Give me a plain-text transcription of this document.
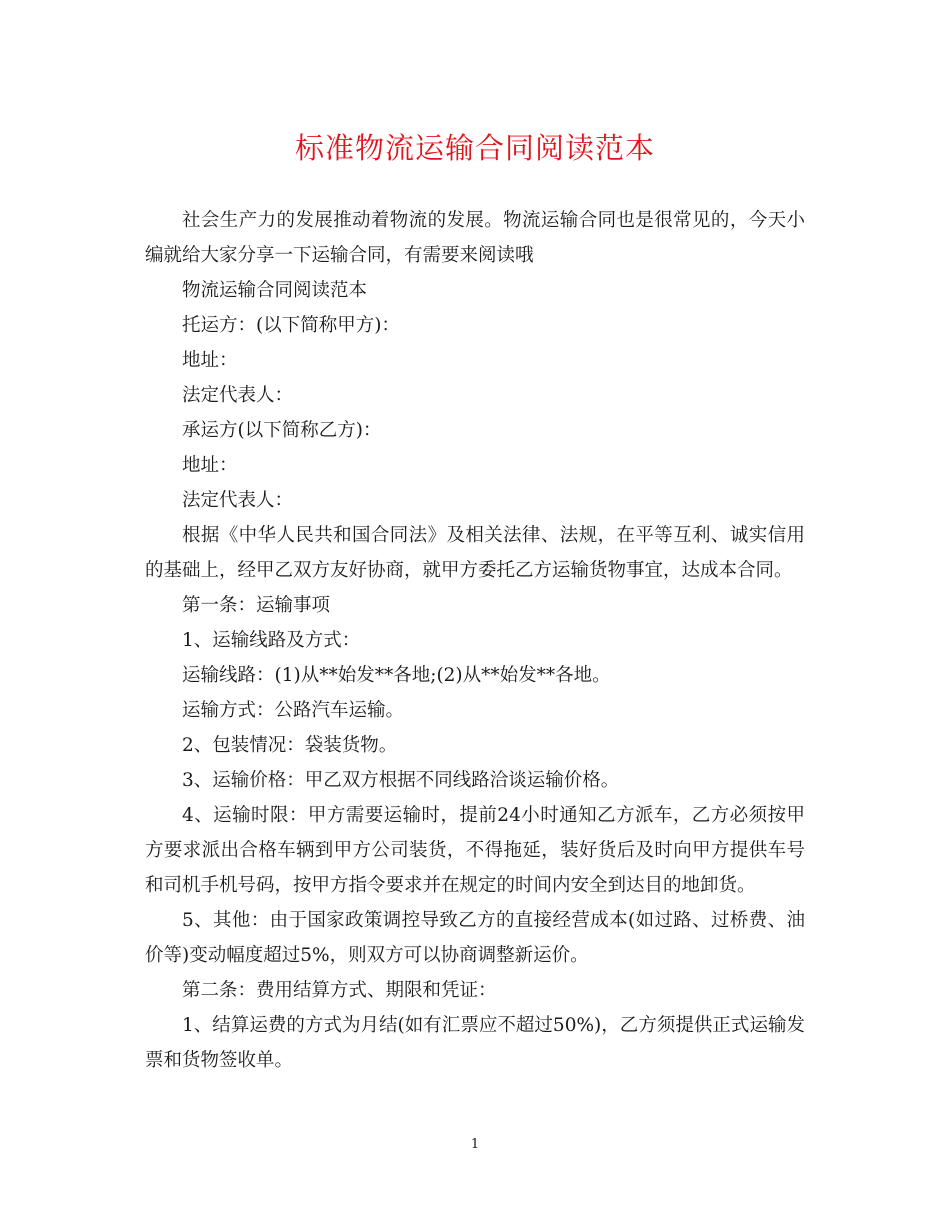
标准物流运输合同阅读范本

社会生产力的发展推动着物流的发展。物流运输合同也是很常见的，今天小编就给大家分享一下运输合同，有需要来阅读哦

物流运输合同阅读范本

托运方：(以下简称甲方)：

地址：

法定代表人：

承运方(以下简称乙方)：

地址：

法定代表人：

根据《中华人民共和国合同法》及相关法律、法规，在平等互利、诚实信用的基础上，经甲乙双方友好协商，就甲方委托乙方运输货物事宜，达成本合同。

第一条：运输事项

1、运输线路及方式：

运输线路：(1)从**始发**各地;(2)从**始发**各地。

运输方式：公路汽车运输。

2、包装情况：袋装货物。

3、运输价格：甲乙双方根据不同线路洽谈运输价格。

4、运输时限：甲方需要运输时，提前24小时通知乙方派车，乙方必须按甲方要求派出合格车辆到甲方公司装货，不得拖延，装好货后及时向甲方提供车号和司机手机号码，按甲方指令要求并在规定的时间内安全到达目的地卸货。

5、其他：由于国家政策调控导致乙方的直接经营成本(如过路、过桥费、油价等)变动幅度超过5%，则双方可以协商调整新运价。

第二条：费用结算方式、期限和凭证：

1、结算运费的方式为月结(如有汇票应不超过50%)，乙方须提供正式运输发票和货物签收单。

1
